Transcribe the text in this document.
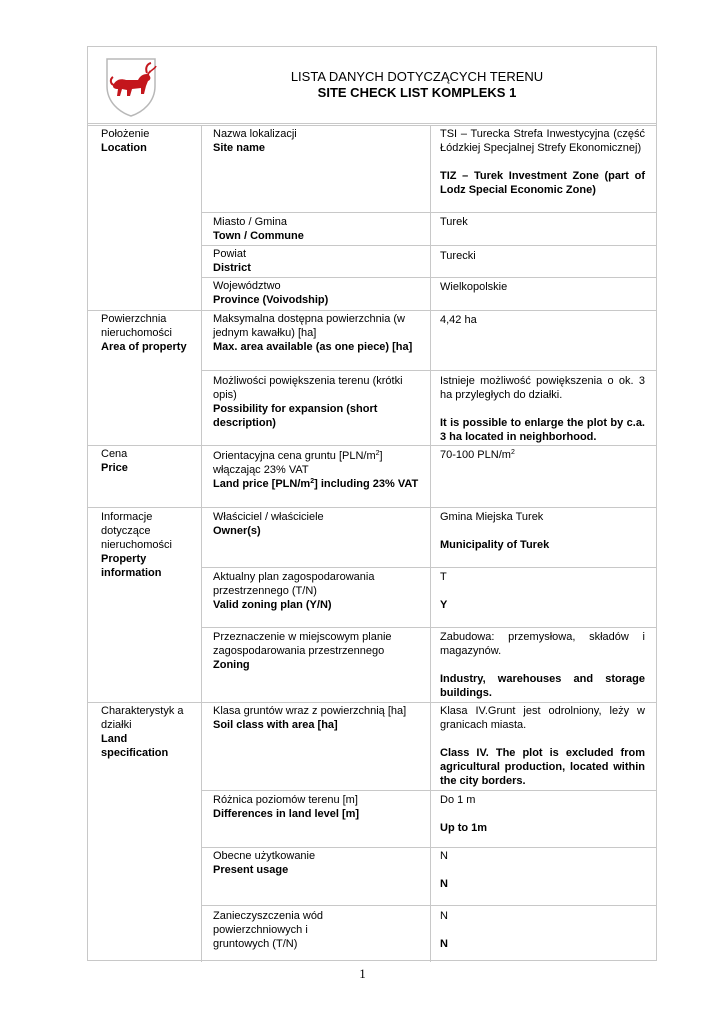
LISTA DANYCH DOTYCZĄCYCH TERENU
SITE CHECK LIST KOMPLEKS 1
Położenie
Location
Nazwa lokalizacji
Site name
TSI – Turecka Strefa Inwestycyjna (część Łódzkiej Specjalnej Strefy Ekonomicznej)
TIZ – Turek Investment Zone (part of Lodz Special Economic Zone)
Miasto / Gmina
Town / Commune
Turek
Powiat
District
Turecki
Województwo
Province (Voivodship)
Wielkopolskie
Powierzchnia nieruchomości
Area of property
Maksymalna dostępna powierzchnia (w jednym kawałku) [ha]
Max. area available (as one piece) [ha]
4,42 ha
Możliwości powiększenia terenu (krótki opis)
Possibility for expansion (short description)
Istnieje możliwość powiększenia o ok. 3 ha przyległych do działki.
It is possible to enlarge the plot by c.a. 3 ha located in neighborhood.
Cena
Price
Orientacyjna cena gruntu $[PLN/m^2]$ włączając 23% VAT
Land price $[PLN/m^2]$ including 23% VAT
70-100 PLN/$m^2$
Informacje dotyczące nieruchomości
Property information
Właściciel / właściciele
Owner(s)
Gmina Miejska Turek
Municipality of Turek
Aktualny plan zagospodarowania przestrzennego (T/N)
Valid zoning plan (Y/N)
T
Y
Przeznaczenie w miejscowym planie zagospodarowania przestrzennego
Zoning
Zabudowa: przemysłowa, składów i magazynów.
Industry, warehouses and storage buildings.
Charakterystyk a działki
Land specification
Klasa gruntów wraz z powierzchnią [ha]
Soil class with area [ha]
Klasa IV.Grunt jest odrolniony, leży w granicach miasta.
Class IV. The plot is excluded from agricultural production, located within the city borders.
Różnica poziomów terenu [m]
Differences in land level [m]
Do 1 m
Up to 1m
Obecne użytkowanie
Present usage
N
N
Zanieczyszczenia wód powierzchniowych i gruntowych (T/N)
N
N
1
